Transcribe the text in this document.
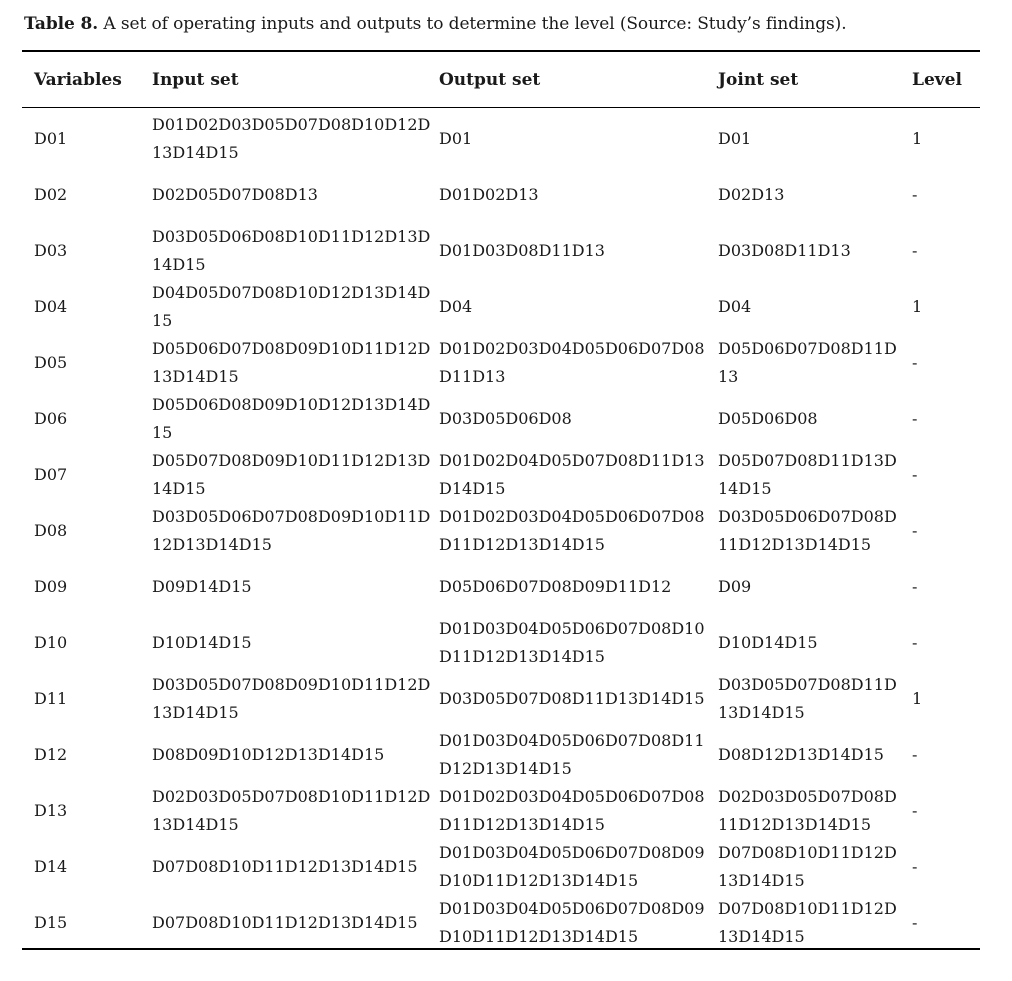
Table 8. A set of operating inputs and outputs to determine the level (Source: Study’s findings).
Variables	Input set	Output set	Joint set	Level
D01	D01D02D03D05D07D08D10D12D13D14D15	D01	D01	1
D02	D02D05D07D08D13	D01D02D13	D02D13	-
D03	D03D05D06D08D10D11D12D13D14D15	D01D03D08D11D13	D03D08D11D13	-
D04	D04D05D07D08D10D12D13D14D15	D04	D04	1
D05	D05D06D07D08D09D10D11D12D13D14D15	D01D02D03D04D05D06D07D08D11D13	D05D06D07D08D11D13	-
D06	D05D06D08D09D10D12D13D14D15	D03D05D06D08	D05D06D08	-
D07	D05D07D08D09D10D11D12D13D14D15	D01D02D04D05D07D08D11D13D14D15	D05D07D08D11D13D14D15	-
D08	D03D05D06D07D08D09D10D11D12D13D14D15	D01D02D03D04D05D06D07D08D11D12D13D14D15	D03D05D06D07D08D11D12D13D14D15	-
D09	D09D14D15	D05D06D07D08D09D11D12	D09	-
D10	D10D14D15	D01D03D04D05D06D07D08D10D11D12D13D14D15	D10D14D15	-
D11	D03D05D07D08D09D10D11D12D13D14D15	D03D05D07D08D11D13D14D15	D03D05D07D08D11D13D14D15	1
D12	D08D09D10D12D13D14D15	D01D03D04D05D06D07D08D11D12D13D14D15	D08D12D13D14D15	-
D13	D02D03D05D07D08D10D11D12D13D14D15	D01D02D03D04D05D06D07D08D11D12D13D14D15	D02D03D05D07D08D11D12D13D14D15	-
D14	D07D08D10D11D12D13D14D15	D01D03D04D05D06D07D08D09D10D11D12D13D14D15	D07D08D10D11D12D13D14D15	-
D15	D07D08D10D11D12D13D14D15	D01D03D04D05D06D07D08D09D10D11D12D13D14D15	D07D08D10D11D12D13D14D15	-
